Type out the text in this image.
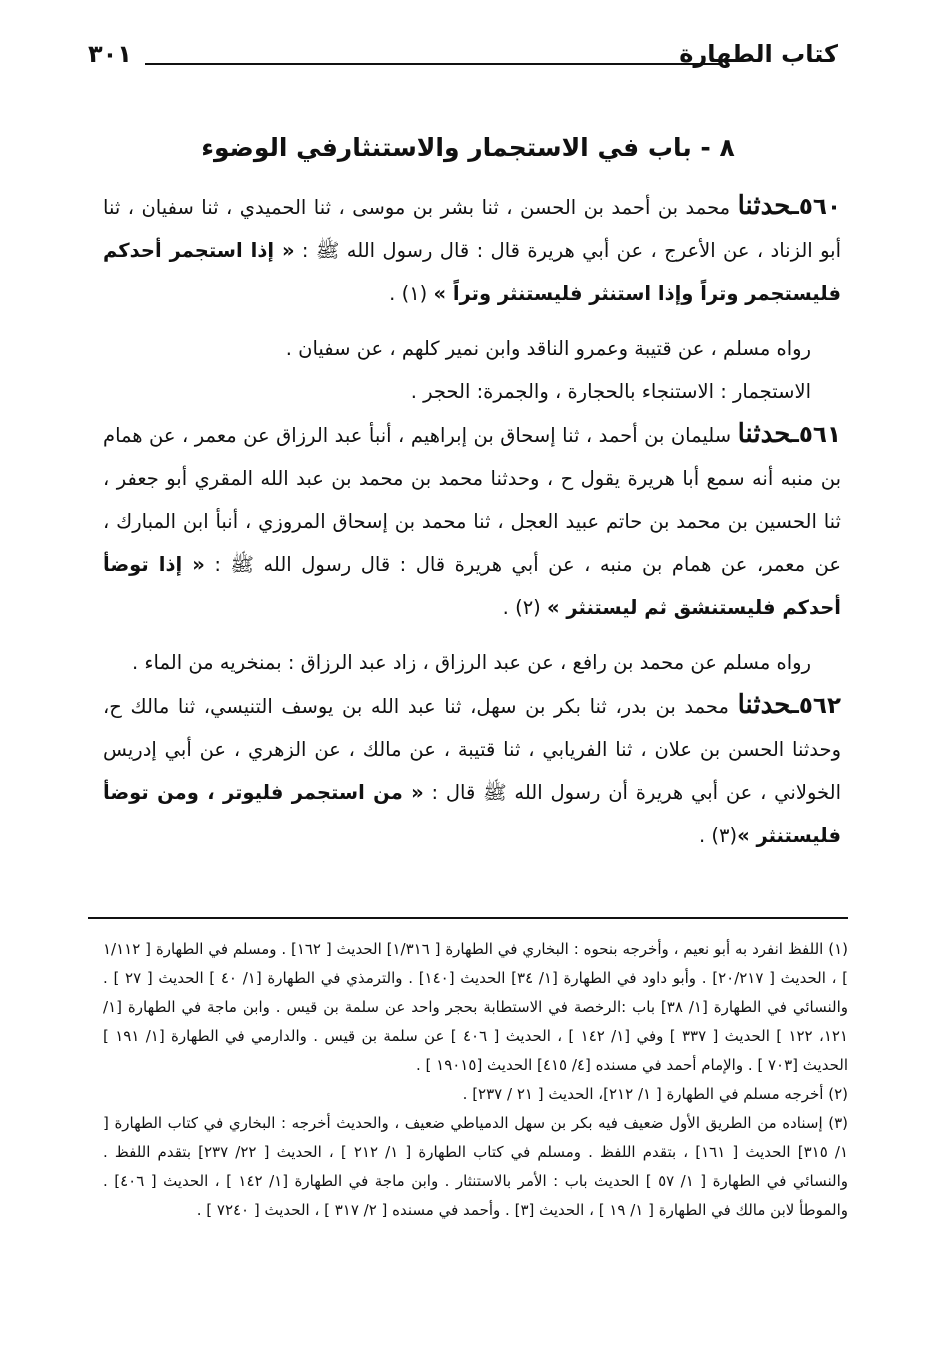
كتاب الطهارة
٣٠١
٨ - باب في الاستجمار والاستنثارفي الوضوء

٥٦٠ـحدثنا محمد بن أحمد بن الحسن ، ثنا بشر بن موسى ، ثنا الحميدي ، ثنا سفيان ، ثنا أبو الزناد ، عن الأعرج ، عن أبي هريرة قال : قال رسول الله ﷺ : « إذا استجمر أحدكم فليستجمر وتراً وإذا استنثر فليستنثر وتراً » (١) .

رواه مسلم ، عن قتيبة وعمرو الناقد وابن نمير كلهم ، عن سفيان .

الاستجمار : الاستنجاء بالحجارة ، والجمرة: الحجر .

٥٦١ـحدثنا سليمان بن أحمد ، ثنا إسحاق بن إبراهيم ، أنبأ عبد الرزاق عن معمر ، عن همام بن منبه أنه سمع أبا هريرة يقول ح ، وحدثنا محمد بن محمد بن عبد الله المقري أبو جعفر ، ثنا الحسين بن محمد بن حاتم عبيد العجل ، ثنا محمد بن إسحاق المروزي ، أنبأ ابن المبارك ، عن معمر، عن همام بن منبه ، عن أبي هريرة قال : قال رسول الله ﷺ : « إذا توضأ أحدكم فليستنشق ثم ليستنثر » (٢) .

رواه مسلم عن محمد بن رافع ، عن عبد الرزاق ، زاد عبد الرزاق : بمنخريه من الماء .

٥٦٢ـحدثنا محمد بن بدر، ثنا بكر بن سهل، ثنا عبد الله بن يوسف التنيسي، ثنا مالك ح، وحدثنا الحسن بن علان ، ثنا الفريابي ، ثنا قتيبة ، عن مالك ، عن الزهري ، عن أبي إدريس الخولاني ، عن أبي هريرة أن رسول الله ﷺ قال : « من استجمر فليوتر ، ومن توضأ فليستنثر »(٣) .

(١) اللفظ انفرد به أبو نعيم ، وأخرجه بنحوه : البخاري في الطهارة [ ١/٣١٦] الحديث [ ١٦٢] . ومسلم في الطهارة [ ١/١١٢ ] ، الحديث [ ٢٠/٢١٧] . وأبو داود في الطهارة [١/ ٣٤] الحديث [١٤٠] . والترمذي في الطهارة [١/ ٤٠ ] الحديث [ ٢٧ ] . والنسائي في الطهارة [١/ ٣٨] باب :الرخصة في الاستطابة بحجر واحد عن سلمة بن قيس . وابن ماجة في الطهارة [١/ ١٢١، ١٢٢ ] الحديث [ ٣٣٧ ] وفي [١/ ١٤٢ ] ، الحديث [ ٤٠٦ ] عن سلمة بن قيس . والدارمي في الطهارة [١/ ١٩١ ] الحديث [٧٠٣ ] . والإمام أحمد في مسنده [٤/ ٤١٥] الحديث [١٩٠١٥ ] .

(٢) أخرجه مسلم في الطهارة [ ١/ ٢١٢]، الحديث [ ٢١ / ٢٣٧] .

(٣) إسناده من الطريق الأول ضعيف فيه بكر بن سهل الدمياطي ضعيف ، والحديث أخرجه : البخاري في كتاب الطهارة [ ١/ ٣١٥] الحديث [ ١٦١] ، بتقدم اللفظ . ومسلم في كتاب الطهارة [ ١/ ٢١٢ ] ، الحديث [ ٢٢/ ٢٣٧] بتقدم اللفظ . والنسائي في الطهارة [ ١/ ٥٧ ] الحديث باب : الأمر بالاستنثار . وابن ماجة في الطهارة [١/ ١٤٢ ] ، الحديث [ ٤٠٦] . والموطأ لابن مالك في الطهارة [ ١/ ١٩ ] ، الحديث [٣] . وأحمد في مسنده [ ٢/ ٣١٧ ] ، الحديث [ ٧٢٤٠ ] .
